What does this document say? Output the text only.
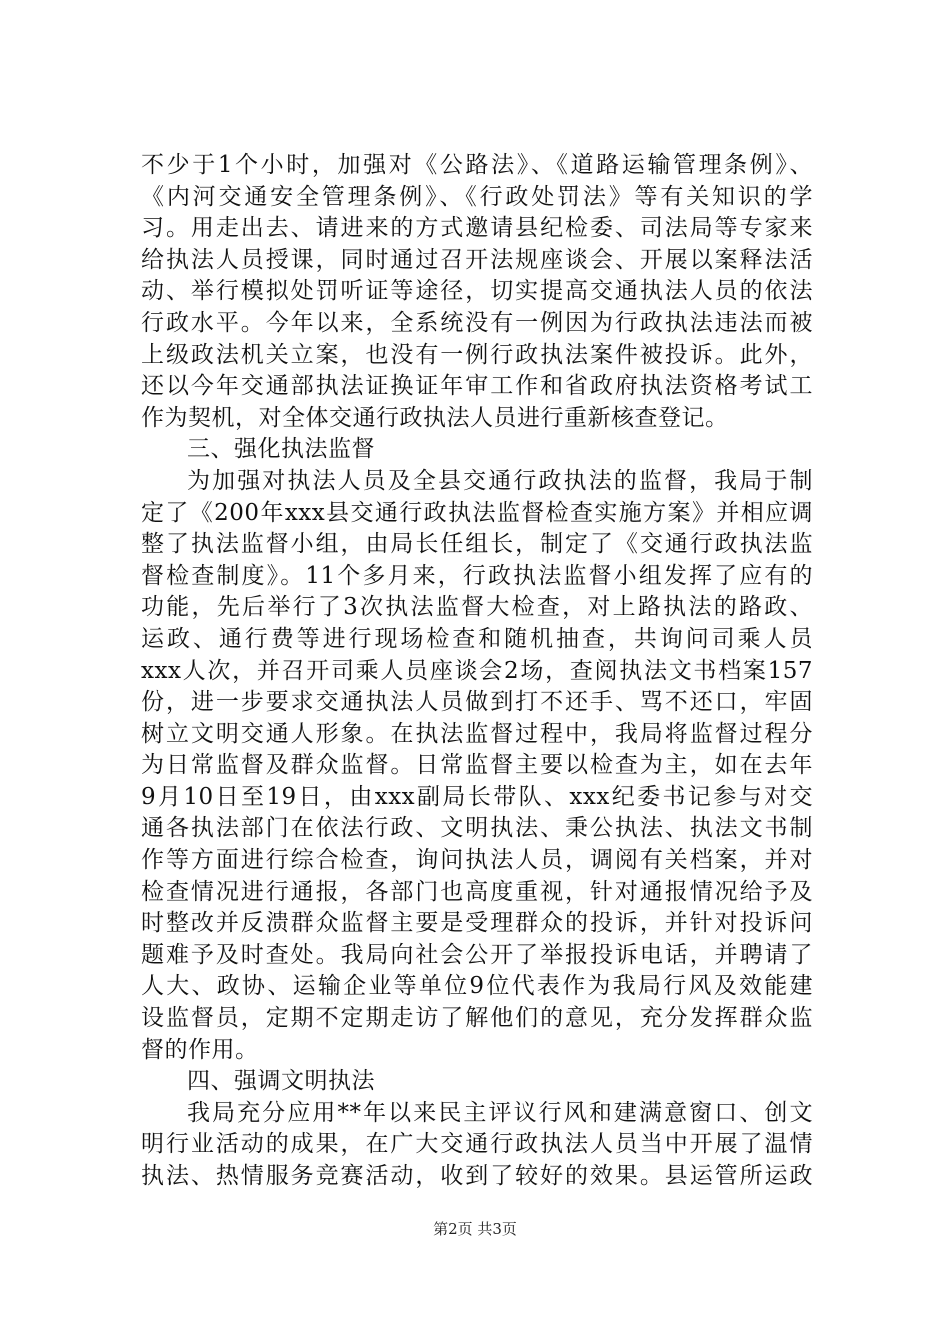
不少于1个小时，加强对《公路法》、《道路运输管理条例》、
《内河交通安全管理条例》、《行政处罚法》等有关知识的学
习。用走出去、请进来的方式邀请县纪检委、司法局等专家来
给执法人员授课，同时通过召开法规座谈会、开展以案释法活
动、举行模拟处罚听证等途径，切实提高交通执法人员的依法
行政水平。今年以来，全系统没有一例因为行政执法违法而被
上级政法机关立案，也没有一例行政执法案件被投诉。此外，
还以今年交通部执法证换证年审工作和省政府执法资格考试工
作为契机，对全体交通行政执法人员进行重新核查登记。
三、强化执法监督
为加强对执法人员及全县交通行政执法的监督，我局于制
定了《200年xxx县交通行政执法监督检查实施方案》并相应调
整了执法监督小组，由局长任组长，制定了《交通行政执法监
督检查制度》。11个多月来，行政执法监督小组发挥了应有的
功能，先后举行了3次执法监督大检查，对上路执法的路政、
运政、通行费等进行现场检查和随机抽查，共询问司乘人员
xxx人次，并召开司乘人员座谈会2场，查阅执法文书档案157
份，进一步要求交通执法人员做到打不还手、骂不还口，牢固
树立文明交通人形象。在执法监督过程中，我局将监督过程分
为日常监督及群众监督。日常监督主要以检查为主，如在去年
9月10日至19日，由xxx副局长带队、xxx纪委书记参与对交
通各执法部门在依法行政、文明执法、秉公执法、执法文书制
作等方面进行综合检查，询问执法人员，调阅有关档案，并对
检查情况进行通报，各部门也高度重视，针对通报情况给予及
时整改并反溃群众监督主要是受理群众的投诉，并针对投诉问
题难予及时查处。我局向社会公开了举报投诉电话，并聘请了
人大、政协、运输企业等单位9位代表作为我局行风及效能建
设监督员，定期不定期走访了解他们的意见，充分发挥群众监
督的作用。
四、强调文明执法
我局充分应用**年以来民主评议行风和建满意窗口、创文
明行业活动的成果，在广大交通行政执法人员当中开展了温情
执法、热情服务竞赛活动，收到了较好的效果。县运管所运政
第2页 共3页
